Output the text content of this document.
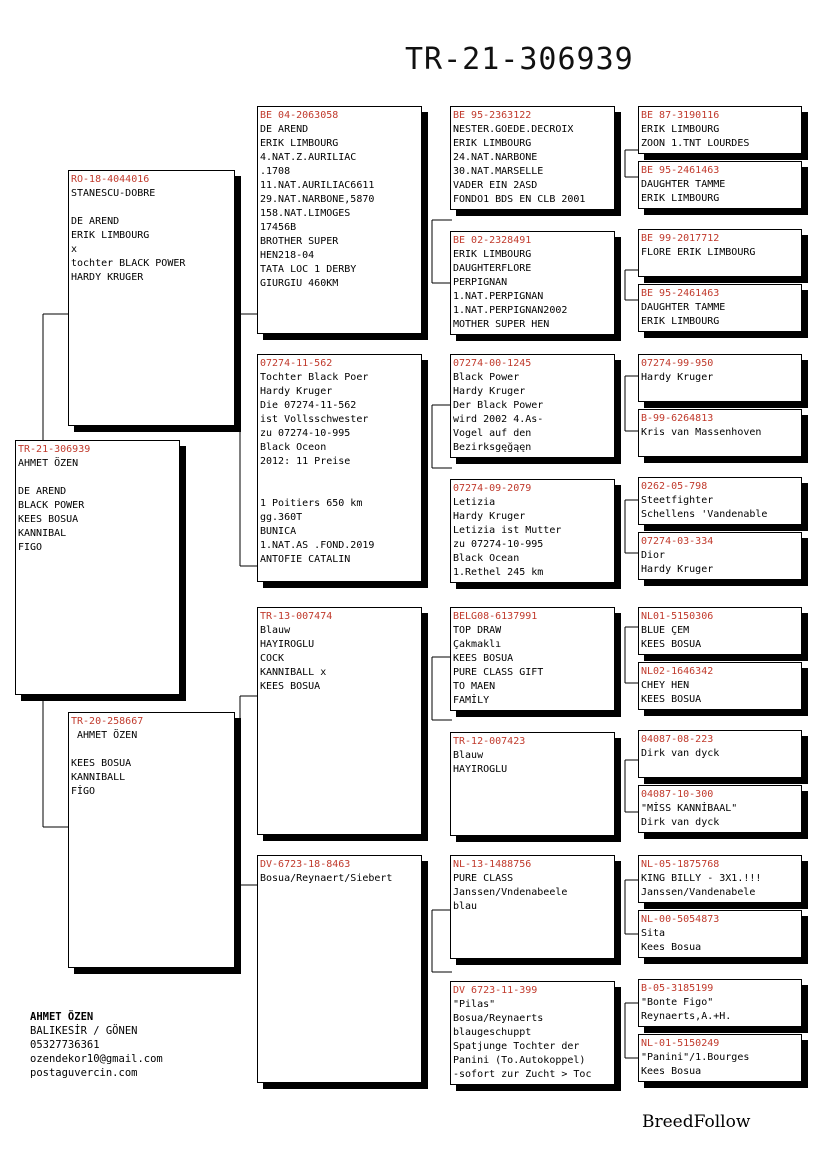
TR-21-306939
TR-21-306939
AHMET ÖZEN

DE AREND
BLACK POWER
KEES BOSUA
KANNIBAL
FIGO
RO-18-4044016
STANESCU-DOBRE

DE AREND
ERIK LIMBOURG
x
tochter BLACK POWER
HARDY KRUGER
TR-20-258667
AHMET ÖZEN

KEES BOSUA
KANNIBALL
FİGO
BE 04-2063058
DE AREND
ERIK LIMBOURG
4.NAT.Z.AURILIAC
.1708
11.NAT.AURILIAC6611
29.NAT.NARBONE,5870
158.NAT.LIMOGES
17456B
BROTHER SUPER
HEN218-04
TATA LOC 1 DERBY
GIURGIU 460KM
07274-11-562
Tochter Black Poer
Hardy Kruger
Die 07274-11-562
ist Vollsschwester
zu 07274-10-995
Black Oceon
2012: 11 Preise

1 Poitiers 650 km
gg.360T
BUNICA
1.NAT.AS .FOND.2019
ANTOFIE CATALIN
TR-13-007474
Blauw
HAYIROGLU
COCK
KANNIBALL x
KEES BOSUA
DV-6723-18-8463
Bosua/Reynaert/Siebert
BE 95-2363122
NESTER.GOEDE.DECROIX
ERIK LIMBOURG
24.NAT.NARBONE
30.NAT.MARSELLE
VADER EIN 2ASD
FONDO1 BDS EN CLB 2001
BE 02-2328491
ERIK LIMBOURG
DAUGHTERFLORE
PERPIGNAN
1.NAT.PERPIGNAN
1.NAT.PERPIGNAN2002
MOTHER SUPER HEN
07274-00-1245
Black Power
Hardy Kruger
Der Black Power
wird 2002 4.As-
Vogel auf den
Bezirksgęğąęn
07274-09-2079
Letizia
Hardy Kruger
Letizia ist Mutter
zu 07274-10-995
Black Ocean
1.Rethel 245 km
BELG08-6137991
TOP DRAW
Çakmaklı
KEES BOSUA
PURE CLASS GIFT
TO MAEN
FAMİLY
TR-12-007423
Blauw
HAYIROGLU
NL-13-1488756
PURE CLASS
Janssen/Vndenabeele
blau
DV 6723-11-399
"Pilas"
Bosua/Reynaerts
blaugeschuppt
Spatjunge Tochter der
Panini (To.Autokoppel)
-sofort zur Zucht > Toc
BE 87-3190116
ERIK LIMBOURG
ZOON 1.TNT LOURDES
BE 95-2461463
DAUGHTER TAMME
ERIK LIMBOURG
BE 99-2017712
FLORE ERIK LIMBOURG
BE 95-2461463
DAUGHTER TAMME
ERIK LIMBOURG
07274-99-950
Hardy Kruger
B-99-6264813
Kris van Massenhoven
0262-05-798
Steetfighter
Schellens 'Vandenable
07274-03-334
Dior
Hardy Kruger
NL01-5150306
BLUE ÇEM
KEES BOSUA
NL02-1646342
CHEY HEN
KEES BOSUA
04087-08-223
Dirk van dyck
04087-10-300
"MİSS KANNİBAAL"
Dirk van dyck
NL-05-1875768
KING BILLY - 3X1.!!!
Janssen/Vandenabele
NL-00-5054873
Sita
Kees Bosua
B-05-3185199
"Bonte Figo"
Reynaerts,A.+H.
NL-01-5150249
"Panini"/1.Bourges
Kees Bosua
AHMET ÖZEN
BALIKESİR / GÖNEN
05327736361
ozendekor10@gmail.com
postaguvercin.com
BreedFollow
